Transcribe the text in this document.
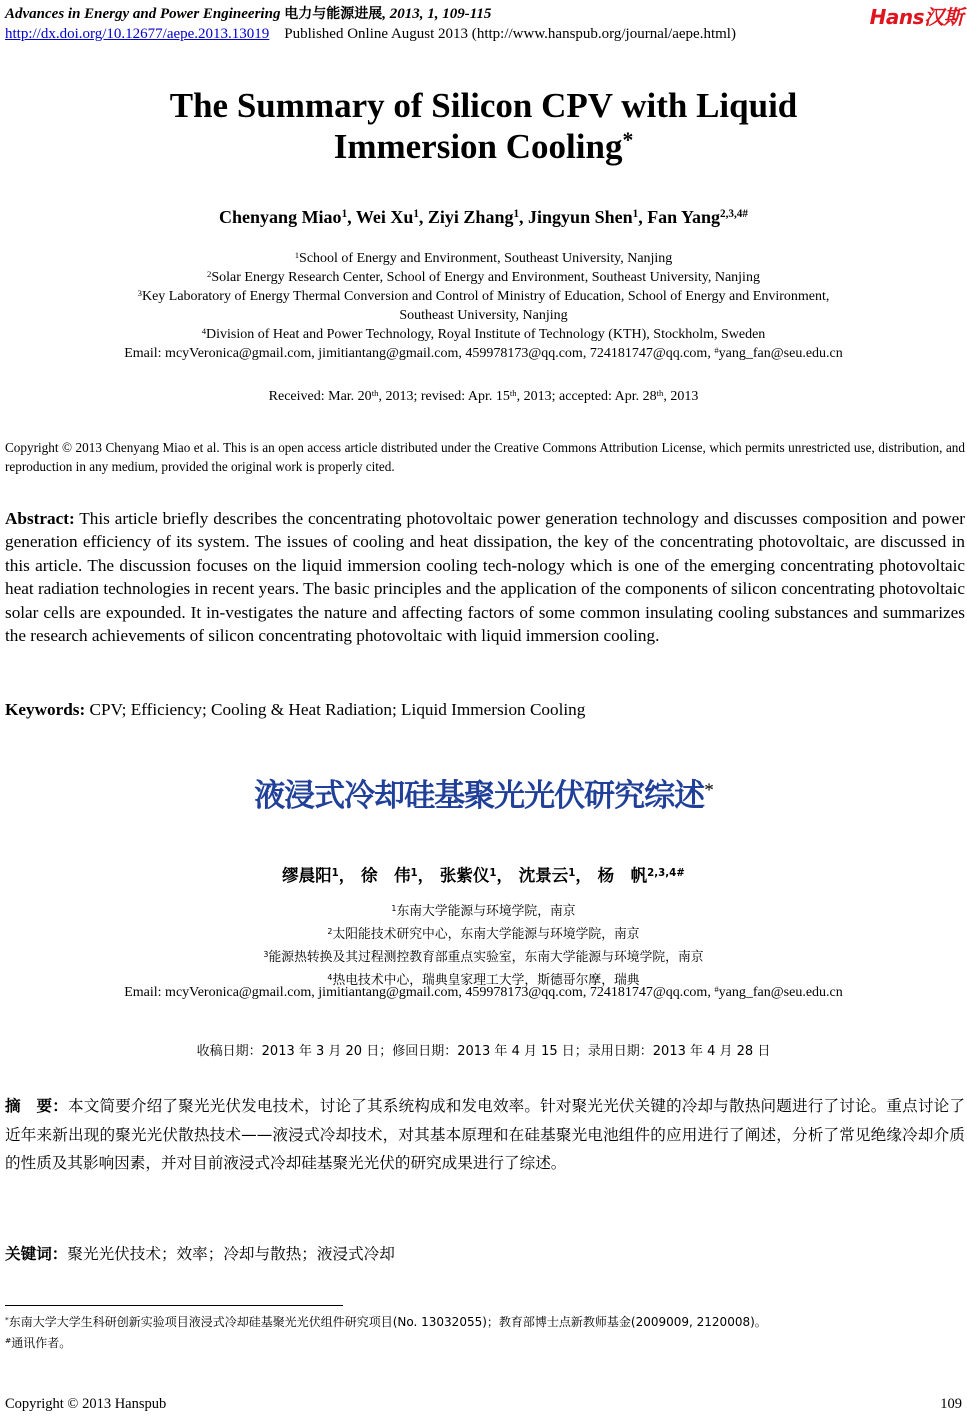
Advances in Energy and Power Engineering 电力与能源进展, 2013, 1, 109-115
http://dx.doi.org/10.12677/aepe.2013.13019 Published Online August 2013 (http://www.hanspub.org/journal/aepe.html)
Hans汉斯
The Summary of Silicon CPV with Liquid
Immersion Cooling*
Chenyang Miao$^1$, Wei Xu$^1$, Ziyi Zhang$^1$, Jingyun Shen$^1$, Fan Yang$^{2,3,4\#}$
$^1$School of Energy and Environment, Southeast University, Nanjing
$^2$Solar Energy Research Center, School of Energy and Environment, Southeast University, Nanjing
$^3$Key Laboratory of Energy Thermal Conversion and Control of Ministry of Education, School of Energy and Environment,
Southeast University, Nanjing
$^4$Division of Heat and Power Technology, Royal Institute of Technology (KTH), Stockholm, Sweden
Email: mcyVeronica@gmail.com, jimitiantang@gmail.com, 459978173@qq.com, 724181747@qq.com, #yang_fan@seu.edu.cn
Received: Mar. 20th, 2013; revised: Apr. 15th, 2013; accepted: Apr. 28th, 2013
Copyright © 2013 Chenyang Miao et al. This is an open access article distributed under the Creative Commons Attribution License, which permits unrestricted use, distribution, and reproduction in any medium, provided the original work is properly cited.
Abstract: This article briefly describes the concentrating photovoltaic power generation technology and discusses composition and power generation efficiency of its system. The issues of cooling and heat dissipation, the key of the concentrating photovoltaic, are discussed in this article. The discussion focuses on the liquid immersion cooling tech-nology which is one of the emerging concentrating photovoltaic heat radiation technologies in recent years. The basic principles and the application of the components of silicon concentrating photovoltaic solar cells are expounded. It in-vestigates the nature and affecting factors of some common insulating cooling substances and summarizes the research achievements of silicon concentrating photovoltaic with liquid immersion cooling.
Keywords: CPV; Efficiency; Cooling & Heat Radiation; Liquid Immersion Cooling
液浸式冷却硅基聚光光伏研究综述*
缪晨阳$^1$， 徐　伟$^1$， 张紫仪$^1$， 沈景云$^1$， 杨　帆$^{2,3,4\#}$
$^1$东南大学能源与环境学院，南京
$^2$太阳能技术研究中心，东南大学能源与环境学院，南京
$^3$能源热转换及其过程测控教育部重点实验室，东南大学能源与环境学院，南京
$^4$热电技术中心，瑞典皇家理工大学，斯德哥尔摩，瑞典
Email: mcyVeronica@gmail.com, jimitiantang@gmail.com, 459978173@qq.com, 724181747@qq.com, #yang_fan@seu.edu.cn
收稿日期：2013 年 3 月 20 日；修回日期：2013 年 4 月 15 日；录用日期：2013 年 4 月 28 日
摘　要：本文简要介绍了聚光光伏发电技术，讨论了其系统构成和发电效率。针对聚光光伏关键的冷却与散热问题进行了讨论。重点讨论了近年来新出现的聚光光伏散热技术——液浸式冷却技术，对其基本原理和在硅基聚光电池组件的应用进行了阐述，分析了常见绝缘冷却介质的性质及其影响因素，并对目前液浸式冷却硅基聚光光伏的研究成果进行了综述。
关键词：聚光光伏技术；效率；冷却与散热；液浸式冷却
*东南大学大学生科研创新实验项目液浸式冷却硅基聚光光伏组件研究项目(No. 13032055)；教育部博士点新教师基金(2009009, 2120008)。
#通讯作者。
Copyright © 2013 Hanspub	109
